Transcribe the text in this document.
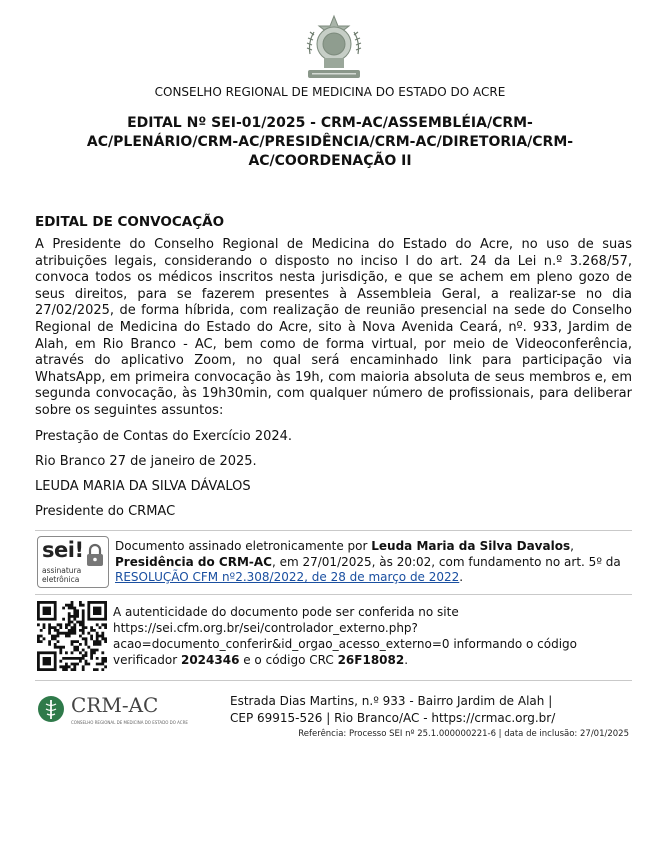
CONSELHO REGIONAL DE MEDICINA DO ESTADO DO ACRE
EDITAL Nº SEI-01/2025 - CRM-AC/ASSEMBLÉIA/CRM-AC/PLENÁRIO/CRM-AC/PRESIDÊNCIA/CRM-AC/DIRETORIA/CRM-AC/COORDENAÇÃO II
EDITAL DE CONVOCAÇÃO
A Presidente do Conselho Regional de Medicina do Estado do Acre, no uso de suas atribuições legais, considerando o disposto no inciso I do art. 24 da Lei n.º 3.268/57, convoca todos os médicos inscritos nesta jurisdição, e que se achem em pleno gozo de seus direitos, para se fazerem presentes à Assembleia Geral, a realizar-se no dia 27/02/2025, de forma híbrida, com realização de reunião presencial na sede do Conselho Regional de Medicina do Estado do Acre, sito à Nova Avenida Ceará, nº. 933, Jardim de Alah, em Rio Branco - AC, bem como de forma virtual, por meio de Videoconferência, através do aplicativo Zoom, no qual será encaminhado link para participação via WhatsApp, em primeira convocação às 19h, com maioria absoluta de seus membros e, em segunda convocação, às 19h30min, com qualquer número de profissionais, para deliberar sobre os seguintes assuntos:
Prestação de Contas do Exercício 2024.
Rio Branco 27 de janeiro de 2025.
LEUDA MARIA DA SILVA DÁVALOS
Presidente do CRMAC
sei!
assinatura eletrônica
Documento assinado eletronicamente por Leuda Maria da Silva Davalos, Presidência do CRM-AC, em 27/01/2025, às 20:02, com fundamento no art. 5º da RESOLUÇÃO CFM nº2.308/2022, de 28 de março de 2022.
A autenticidade do documento pode ser conferida no site https://sei.cfm.org.br/sei/controlador_externo.php?acao=documento_conferir&id_orgao_acesso_externo=0 informando o código verificador 2024346 e o código CRC 26F18082.
CRM-AC
CONSELHO REGIONAL DE MEDICINA DO ESTADO DO ACRE
Estrada Dias Martins, n.º 933 - Bairro Jardim de Alah |
CEP 69915-526 | Rio Branco/AC - https://crmac.org.br/
Referência: Processo SEI nº 25.1.000000221-6 | data de inclusão: 27/01/2025
